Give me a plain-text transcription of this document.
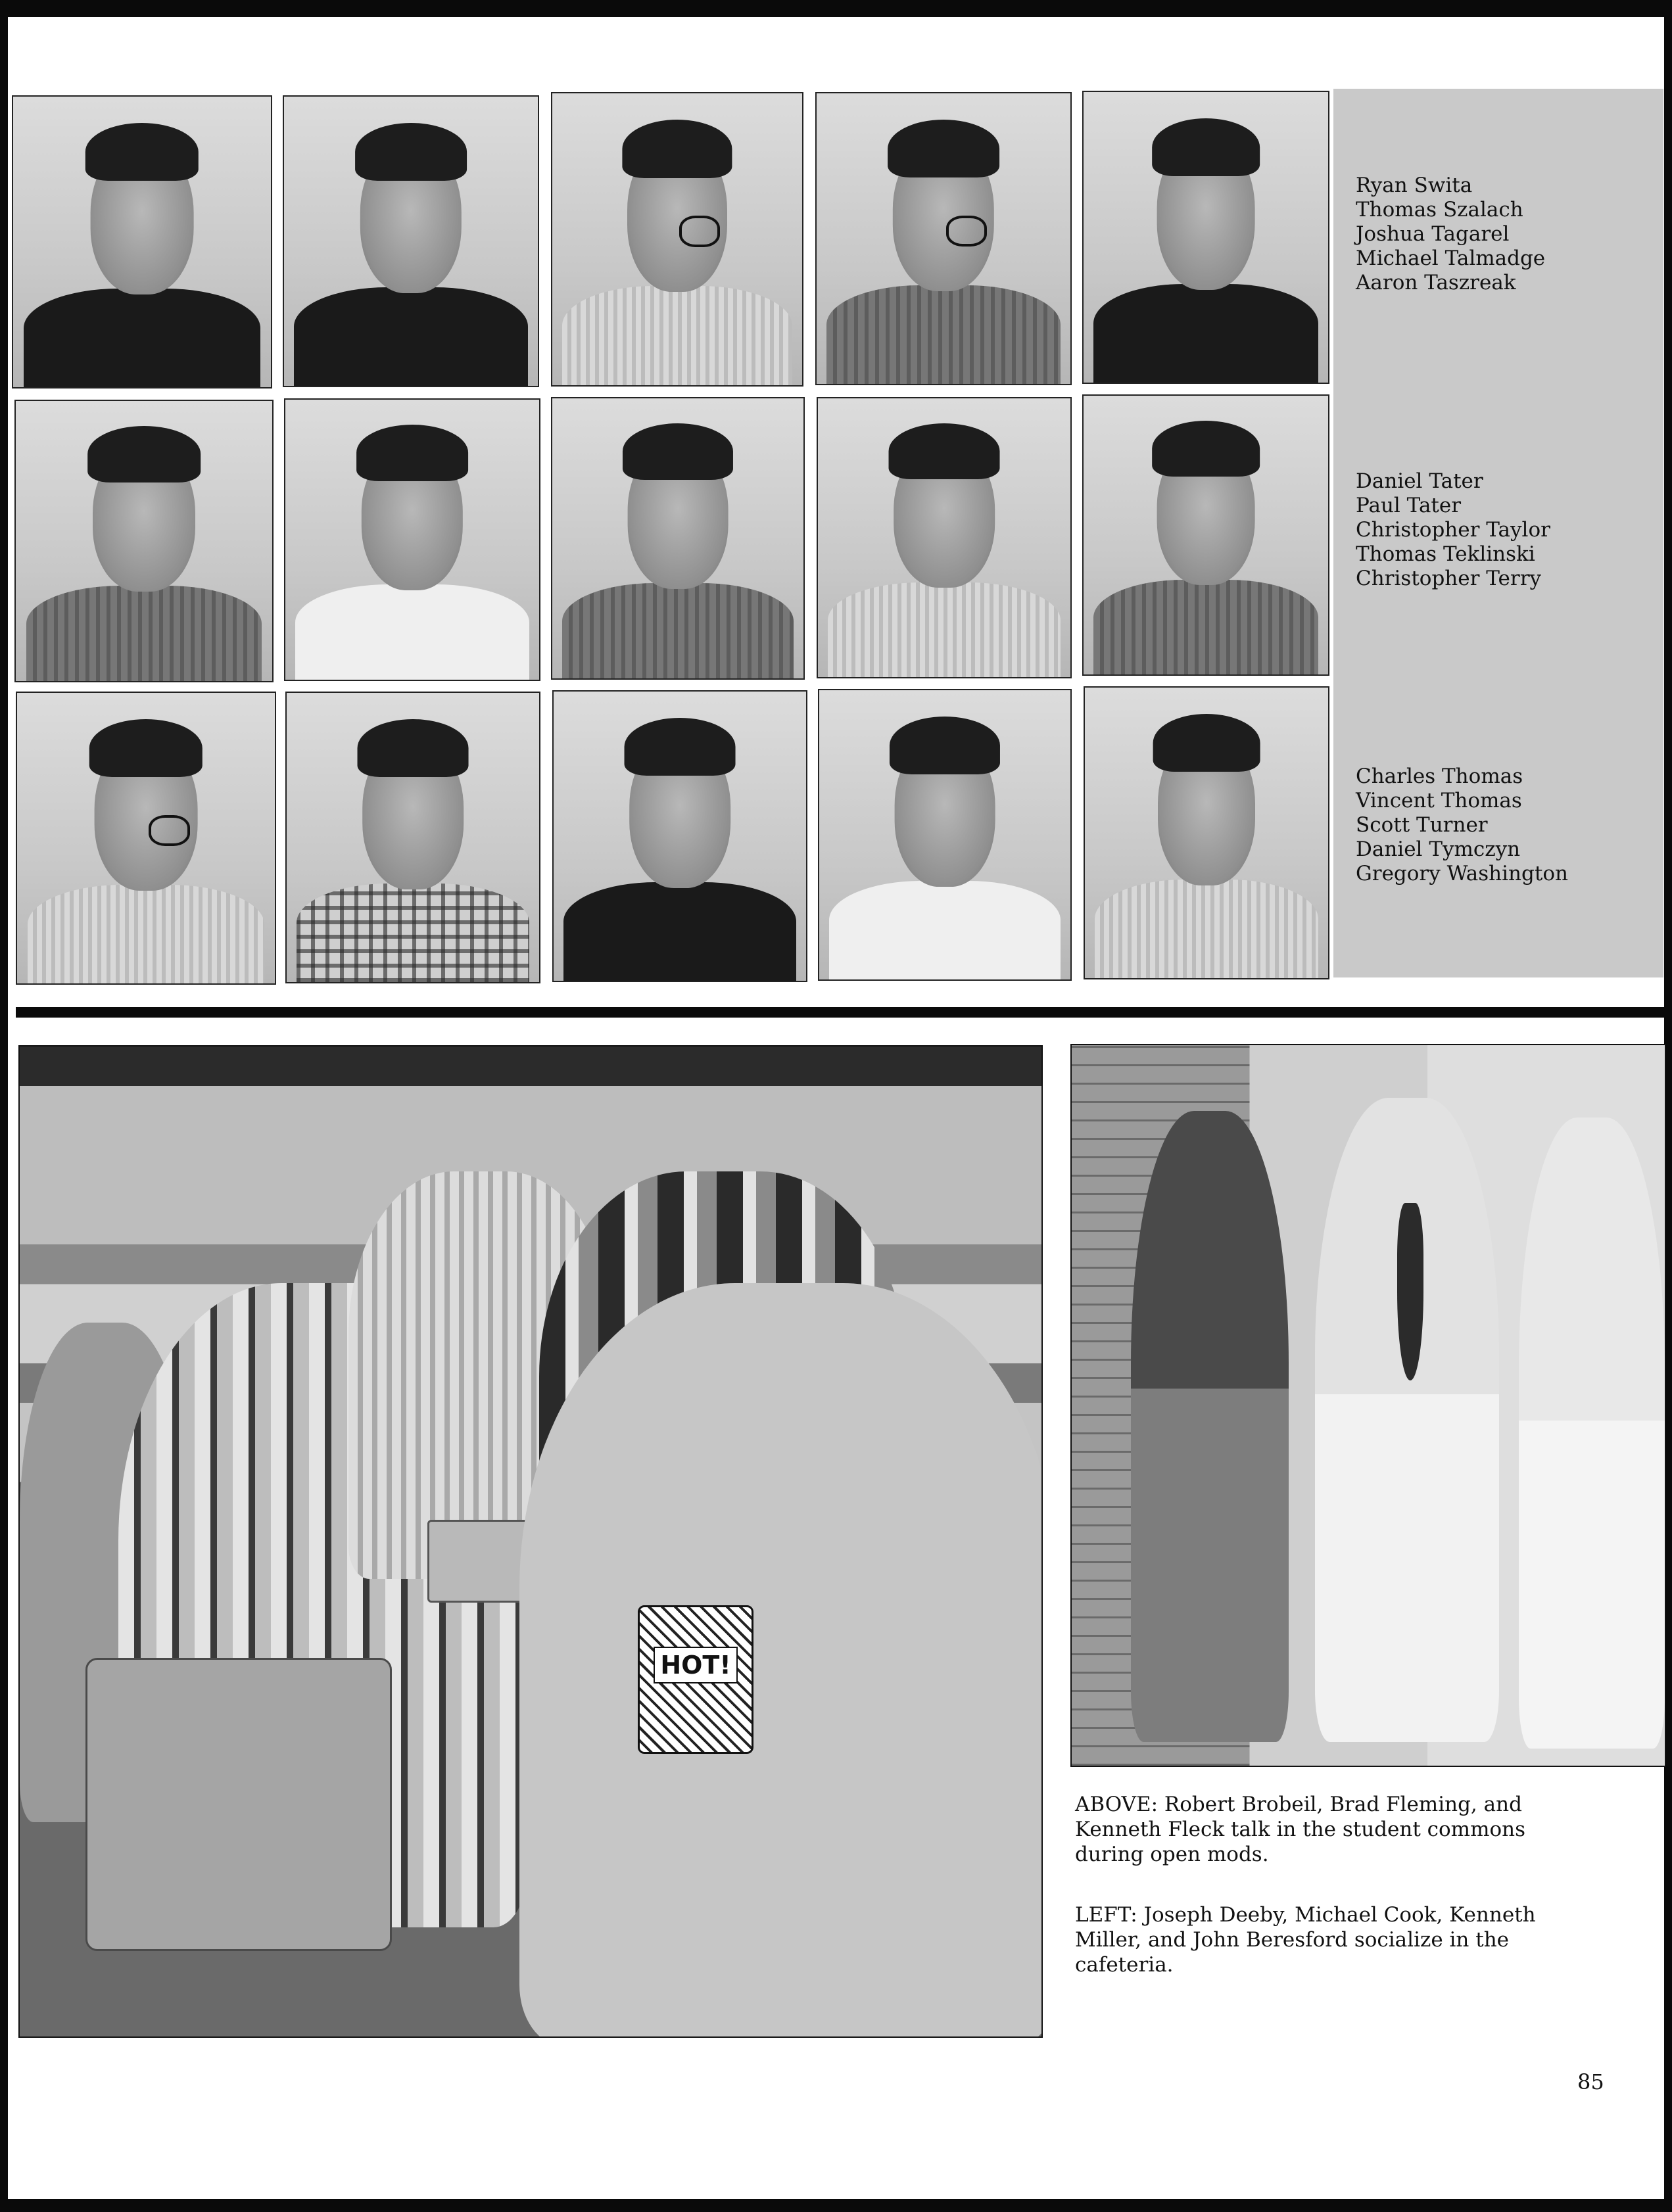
Ryan Swita
Thomas Szalach
Joshua Tagarel
Michael Talmadge
Aaron Taszreak
Daniel Tater
Paul Tater
Christopher Taylor
Thomas Teklinski
Christopher Terry
Charles Thomas
Vincent Thomas
Scott Turner
Daniel Tymczyn
Gregory Washington
HOT!
ABOVE: Robert Brobeil, Brad Fleming, and Kenneth Fleck talk in the student commons during open mods.
LEFT: Joseph Deeby, Michael Cook, Kenneth Miller, and John Beresford socialize in the cafeteria.
85
